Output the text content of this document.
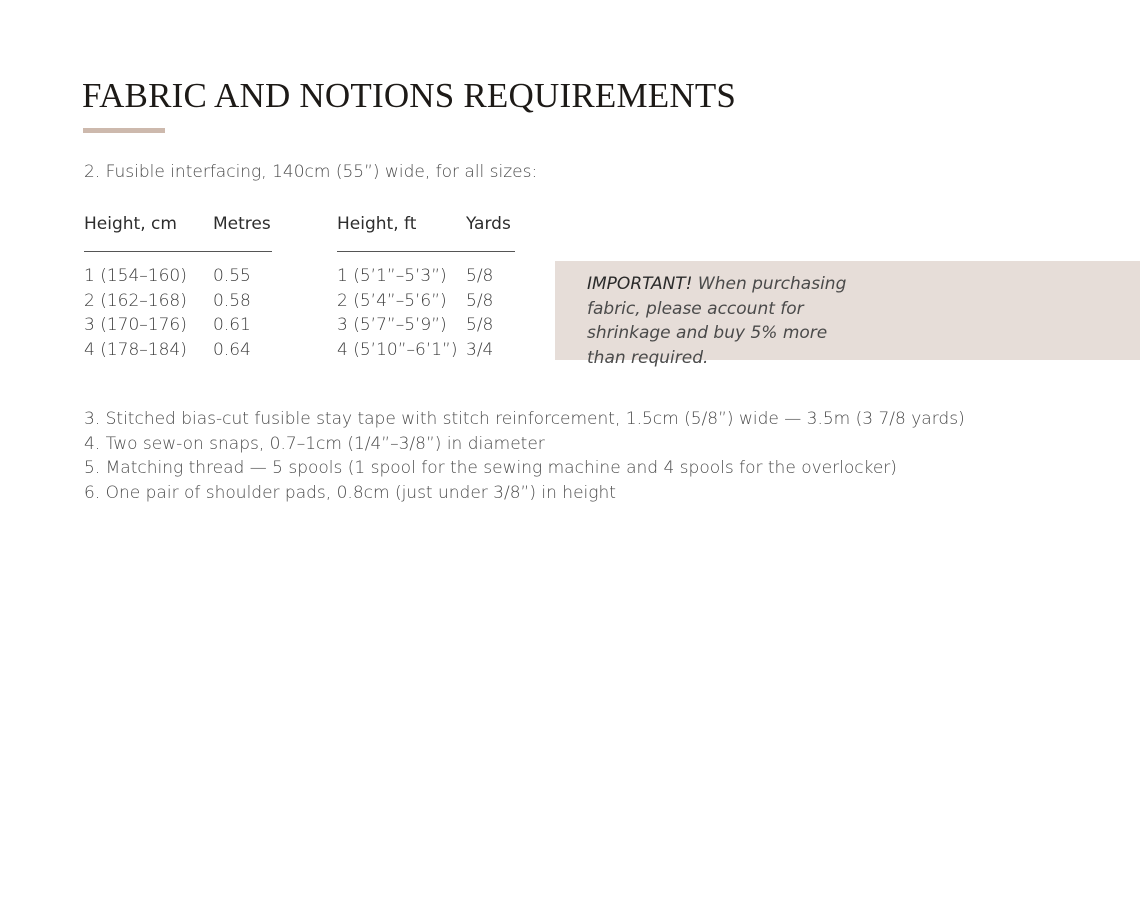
FABRIC AND NOTIONS REQUIREMENTS
2. Fusible interfacing, 140cm (55”) wide, for all sizes:
Height, cm	Metres
1 (154–160)	0.55
2 (162–168)	0.58
3 (170–176)	0.61
4 (178–184)	0.64
Height, ft	Yards
1 (5’1”–5’3”)	5/8
2 (5’4”–5’6”)	5/8
3 (5’7”–5’9”)	5/8
4 (5’10”–6’1”) 3/4
IMPORTANT! When purchasing fabric, please account for shrinkage and buy 5% more than required.
3. Stitched bias-cut fusible stay tape with stitch reinforcement, 1.5cm (5/8”) wide — 3.5m (3 7/8 yards)
4. Two sew-on snaps, 0.7–1cm (1/4”–3/8”) in diameter
5. Matching thread — 5 spools (1 spool for the sewing machine and 4 spools for the overlocker)
6. One pair of shoulder pads, 0.8cm (just under 3/8”) in height
